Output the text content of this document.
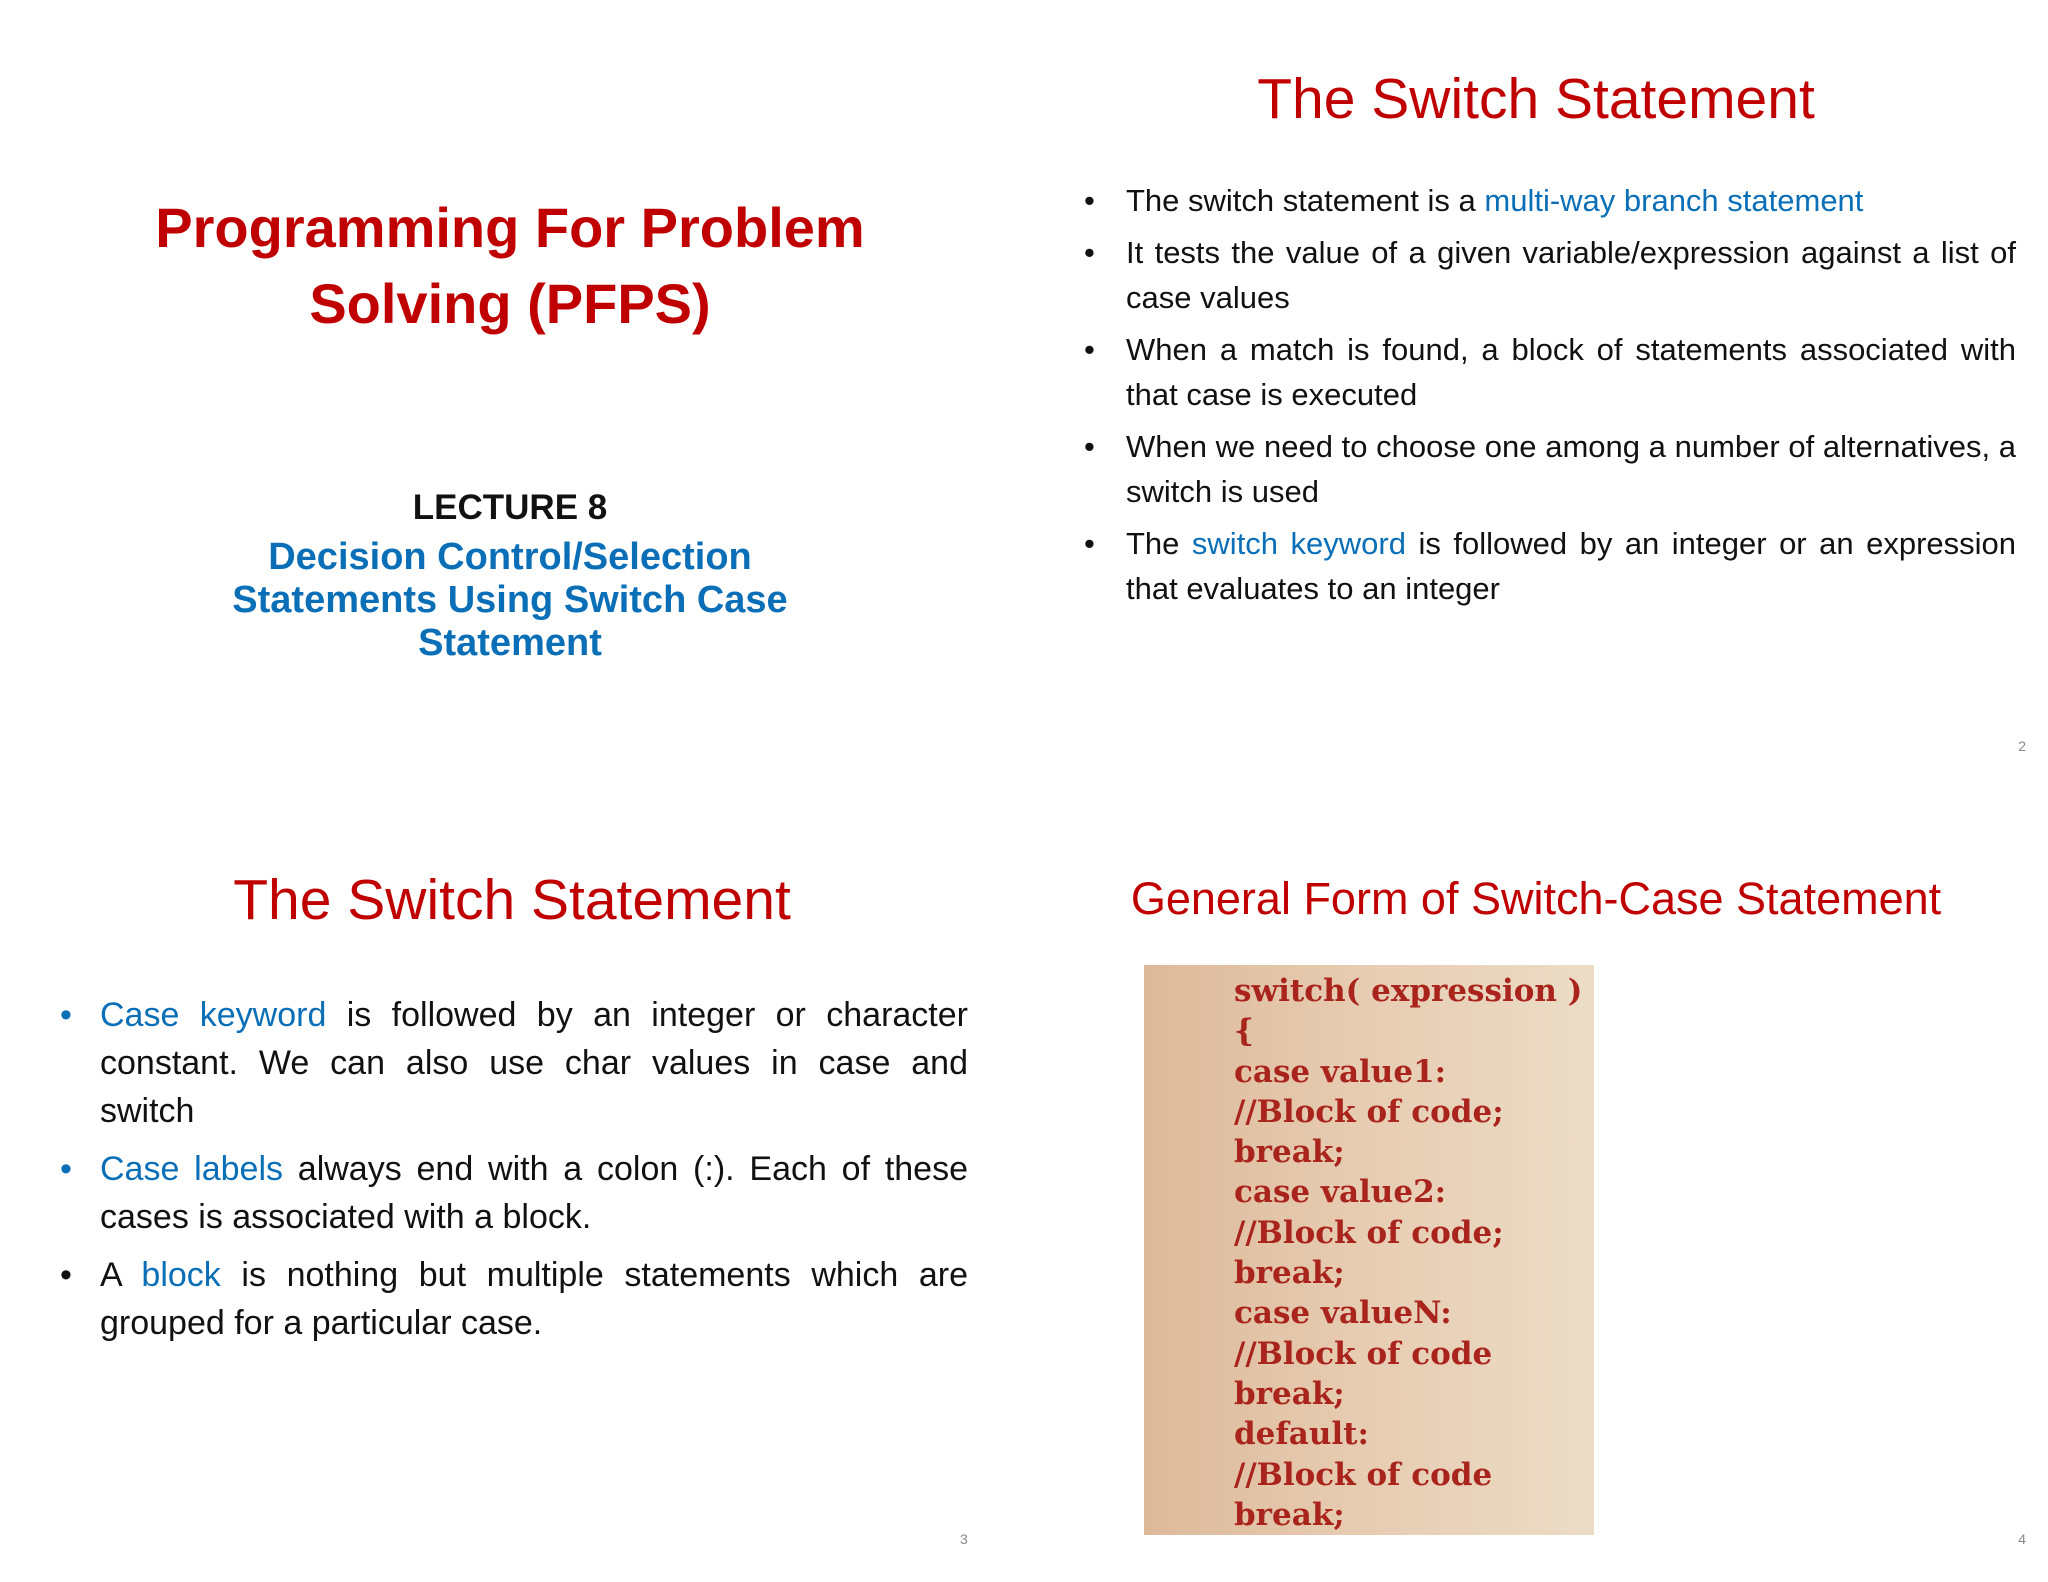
Programming For Problem
Solving (PFPS)
LECTURE 8
Decision Control/Selection
Statements Using Switch Case
Statement
The Switch Statement
• The switch statement is a multi-way branch statement
• It tests the value of a given variable/expression against a list of case values
• When a match is found, a block of statements associated with that case is executed
• When we need to choose one among a number of alternatives, a switch is used
• The switch keyword is followed by an integer or an expression that evaluates to an integer
2
The Switch Statement
• Case keyword is followed by an integer or character constant. We can also use char values in case and switch
• Case labels always end with a colon (:). Each of these cases is associated with a block.
• A block is nothing but multiple statements which are grouped for a particular case.
3
General Form of Switch-Case Statement
switch( expression )
{
case value1:
//Block of code;
break;
case value2:
//Block of code;
break;
case valueN:
//Block of code
break;
default:
//Block of code
break;
4
